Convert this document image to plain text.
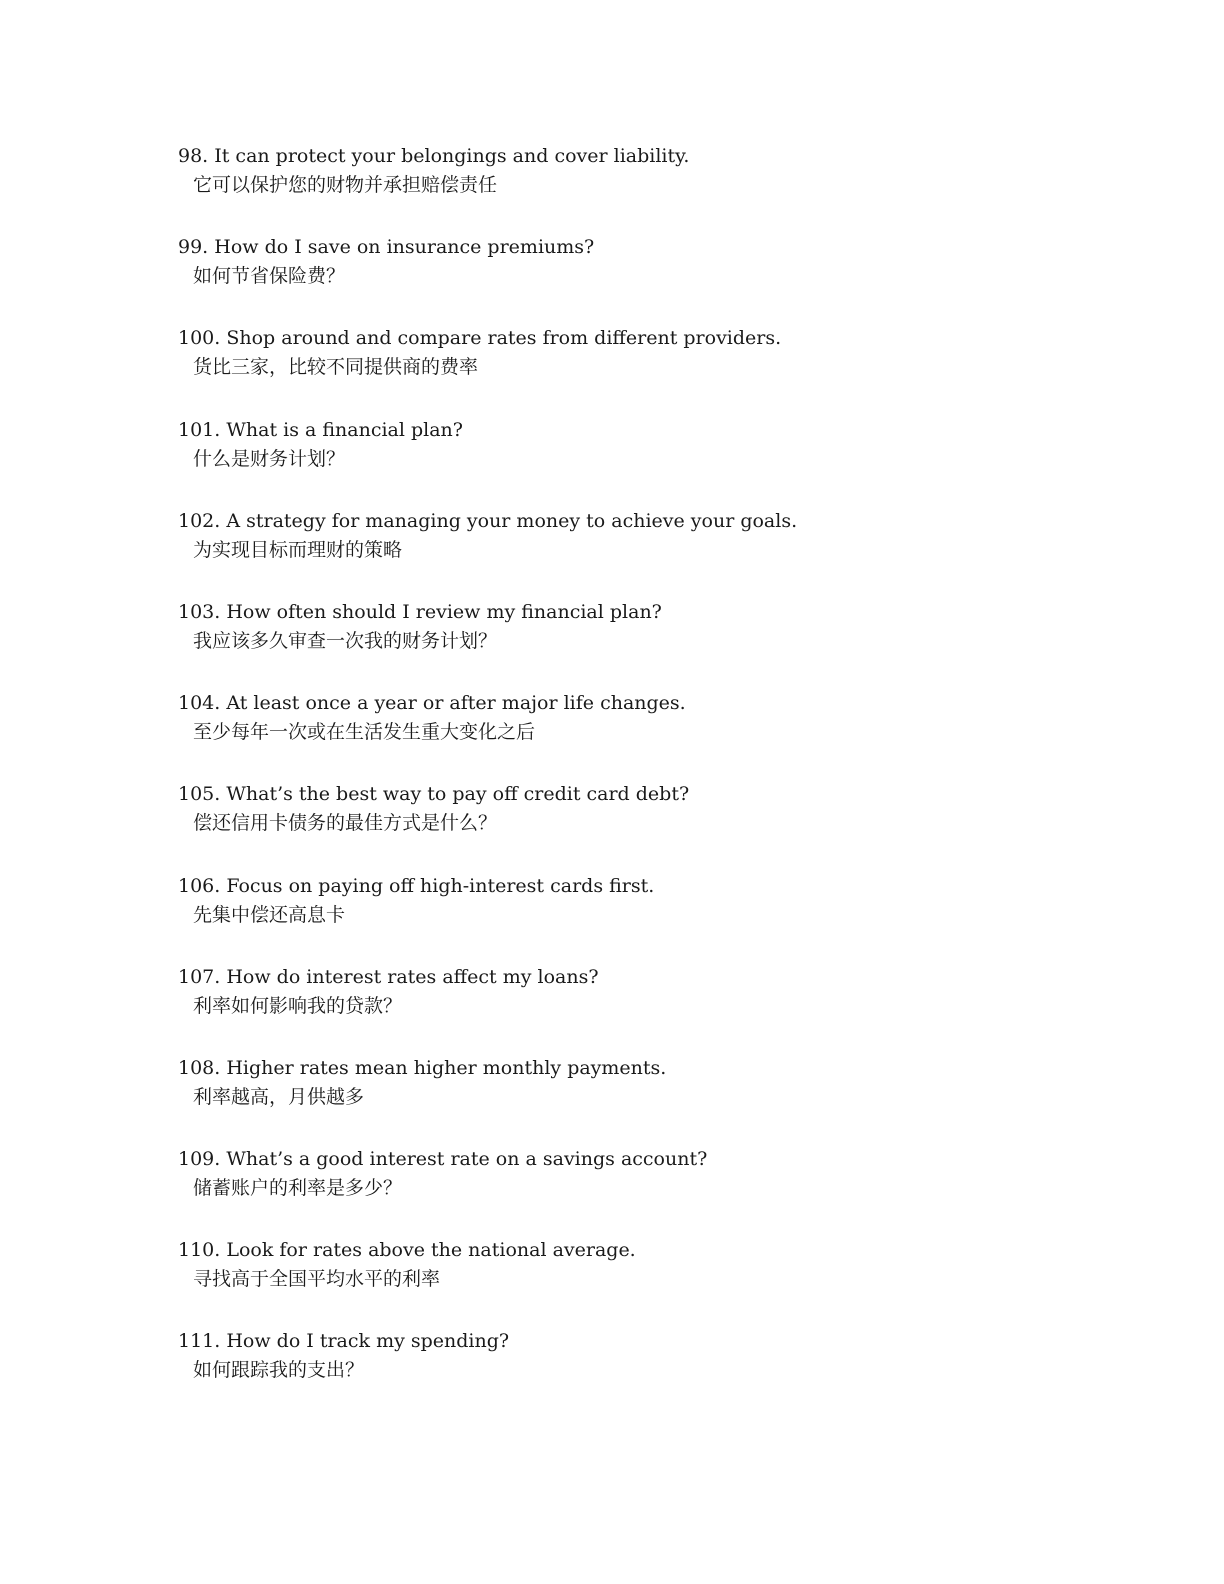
98. It can protect your belongings and cover liability.
它可以保护您的财物并承担赔偿责任
99. How do I save on insurance premiums?
如何节省保险费？
100. Shop around and compare rates from different providers.
货比三家，比较不同提供商的费率
101. What is a financial plan?
什么是财务计划？
102. A strategy for managing your money to achieve your goals.
为实现目标而理财的策略
103. How often should I review my financial plan?
我应该多久审查一次我的财务计划？
104. At least once a year or after major life changes.
至少每年一次或在生活发生重大变化之后
105. What’s the best way to pay off credit card debt?
偿还信用卡债务的最佳方式是什么？
106. Focus on paying off high-interest cards first.
先集中偿还高息卡
107. How do interest rates affect my loans?
利率如何影响我的贷款？
108. Higher rates mean higher monthly payments.
利率越高，月供越多
109. What’s a good interest rate on a savings account?
储蓄账户的利率是多少？
110. Look for rates above the national average.
寻找高于全国平均水平的利率
111. How do I track my spending?
如何跟踪我的支出？
